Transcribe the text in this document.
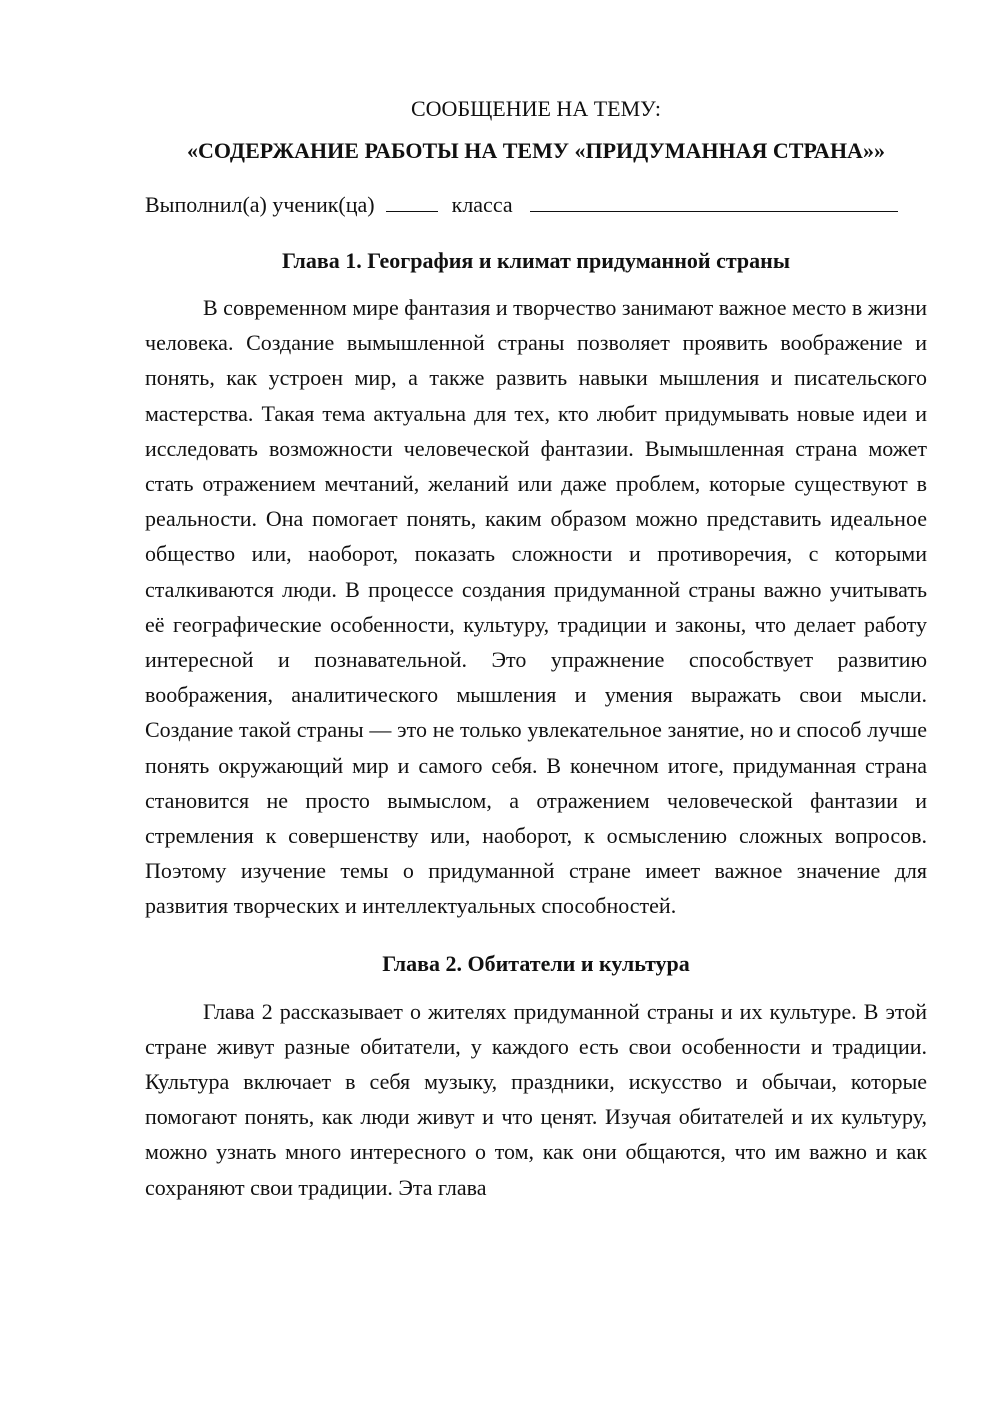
СООБЩЕНИЕ НА ТЕМУ:

«СОДЕРЖАНИЕ РАБОТЫ НА ТЕМУ «ПРИДУМАННАЯ СТРАНА»»

Выполнил(а) ученик(ца)	класса
Глава 1. География и климат придуманной страны

В современном мире фантазия и творчество занимают важное место в жизни человека. Создание вымышленной страны позволяет проявить воображение и понять, как устроен мир, а также развить навыки мышления и писательского мастерства. Такая тема актуальна для тех, кто любит придумывать новые идеи и исследовать возможности человеческой фантазии. Вымышленная страна может стать отражением мечтаний, желаний или даже проблем, которые существуют в реальности. Она помогает понять, каким образом можно представить идеальное общество или, наоборот, показать сложности и противоречия, с которыми сталкиваются люди. В процессе создания придуманной страны важно учитывать её географические особенности, культуру, традиции и законы, что делает работу интересной и познавательной. Это упражнение способствует развитию воображения, аналитического мышления и умения выражать свои мысли. Создание такой страны — это не только увлекательное занятие, но и способ лучше понять окружающий мир и самого себя. В конечном итоге, придуманная страна становится не просто вымыслом, а отражением человеческой фантазии и стремления к совершенству или, наоборот, к осмыслению сложных вопросов. Поэтому изучение темы о придуманной стране имеет важное значение для развития творческих и интеллектуальных способностей.

Глава 2. Обитатели и культура

Глава 2 рассказывает о жителях придуманной страны и их культуре. В этой стране живут разные обитатели, у каждого есть свои особенности и традиции. Культура включает в себя музыку, праздники, искусство и обычаи, которые помогают понять, как люди живут и что ценят. Изучая обитателей и их культуру, можно узнать много интересного о том, как они общаются, что им важно и как сохраняют свои традиции. Эта глава
